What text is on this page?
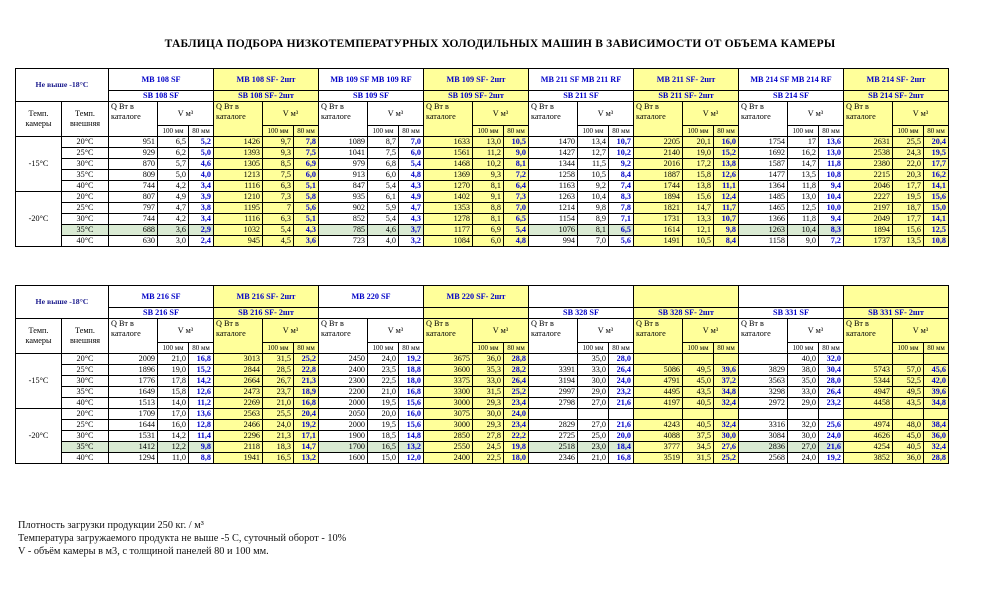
ТАБЛИЦА ПОДБОРА НИЗКОТЕМПЕРАТУРНЫХ ХОЛОДИЛЬНЫХ МАШИН В ЗАВИСИМОСТИ ОТ ОБЪЕМА КАМЕРЫ
Не выше -18°С		MB 108 SF			MB 108 SF- 2шт			MB 109 SF MB 109 RF			MB 109 SF- 2шт			MB 211 SF MB 211 RF			MB 211 SF- 2шт			MB 214 SF MB 214 RF			MB 214 SF- 2шт		
		SB 108 SF			SB 108 SF- 2шт			SB 109 SF			SB 109 SF- 2шт			SB 211 SF			SB 211 SF- 2шт			SB 214 SF			SB 214 SF- 2шт		
Темп. камеры	Темп. внешняя	Q Вт в каталоге	V м³		Q Вт в каталоге	V м³		Q Вт в каталоге	V м³		Q Вт в каталоге	V м³		Q Вт в каталоге	V м³		Q Вт в каталоге	V м³		Q Вт в каталоге	V м³		Q Вт в каталоге	V м³	
			100 мм	80 мм		100 мм	80 мм		100 мм	80 мм		100 мм	80 мм		100 мм	80 мм		100 мм	80 мм		100 мм	80 мм		100 мм	80 мм
-15°С	20°С	951	6,5	5,2	1426	9,7	7,8	1089	8,7	7,0	1633	13,0	10,5	1470	13,4	10,7	2205	20,1	16,0	1754	17	13,6	2631	25,5	20,4
	25°С	929	6,2	5,0	1393	9,3	7,5	1041	7,5	6,0	1561	11,2	9,0	1427	12,7	10,2	2140	19,0	15,2	1692	16,2	13,0	2538	24,3	19,5
	30°С	870	5,7	4,6	1305	8,5	6,9	979	6,8	5,4	1468	10,2	8,1	1344	11,5	9,2	2016	17,2	13,8	1587	14,7	11,8	2380	22,0	17,7
	35°С	809	5,0	4,0	1213	7,5	6,0	913	6,0	4,8	1369	9,3	7,2	1258	10,5	8,4	1887	15,8	12,6	1477	13,5	10,8	2215	20,3	16,2
	40°С	744	4,2	3,4	1116	6,3	5,1	847	5,4	4,3	1270	8,1	6,4	1163	9,2	7,4	1744	13,8	11,1	1364	11,8	9,4	2046	17,7	14,1
-20°С	20°С	807	4,9	3,9	1210	7,3	5,8	935	6,1	4,9	1402	9,1	7,3	1263	10,4	8,3	1894	15,6	12,4	1485	13,0	10,4	2227	19,5	15,6
	25°С	797	4,7	3,8	1195	7	5,6	902	5,9	4,7	1353	8,8	7,0	1214	9,8	7,8	1821	14,7	11,7	1465	12,5	10,0	2197	18,7	15,0
	30°С	744	4,2	3,4	1116	6,3	5,1	852	5,4	4,3	1278	8,1	6,5	1154	8,9	7,1	1731	13,3	10,7	1366	11,8	9,4	2049	17,7	14,1
	35°С	688	3,6	2,9	1032	5,4	4,3	785	4,6	3,7	1177	6,9	5,4	1076	8,1	6,5	1614	12,1	9,8	1263	10,4	8,3	1894	15,6	12,5
	40°С	630	3,0	2,4	945	4,5	3,6	723	4,0	3,2	1084	6,0	4,8	994	7,0	5,6	1491	10,5	8,4	1158	9,0	7,2	1737	13,5	10,8
Не выше -18°С		MB 216 SF			MB 216 SF- 2шт			MB 220 SF			MB 220 SF- 2шт														
		SB 216 SF			SB 216 SF- 2шт									SB 328 SF			SB 328 SF- 2шт			SB 331 SF			SB 331 SF- 2шт		
Темп. камеры	Темп. внешняя	Q Вт в каталоге	V м³		Q Вт в каталоге	V м³		Q Вт в каталоге	V м³		Q Вт в каталоге	V м³		Q Вт в каталоге	V м³		Q Вт в каталоге	V м³		Q Вт в каталоге	V м³		Q Вт в каталоге	V м³	
			100 мм	80 мм		100 мм	80 мм		100 мм	80 мм		100 мм	80 мм		100 мм	80 мм		100 мм	80 мм		100 мм	80 мм		100 мм	80 мм
-15°С	20°С	2009	21,0	16,8	3013	31,5	25,2	2450	24,0	19,2	3675	36,0	28,8		35,0	28,0					40,0	32,0			
	25°С	1896	19,0	15,2	2844	28,5	22,8	2400	23,5	18,8	3600	35,3	28,2	3391	33,0	26,4	5086	49,5	39,6	3829	38,0	30,4	5743	57,0	45,6
	30°С	1776	17,8	14,2	2664	26,7	21,3	2300	22,5	18,0	3375	33,0	26,4	3194	30,0	24,0	4791	45,0	37,2	3563	35,0	28,0	5344	52,5	42,0
	35°С	1649	15,8	12,6	2473	23,7	18,9	2200	21,0	16,8	3300	31,5	25,2	2997	29,0	23,2	4495	43,5	34,8	3298	33,0	26,4	4947	49,5	39,6
	40°С	1513	14,0	11,2	2269	21,0	16,8	2000	19,5	15,6	3000	29,3	23,4	2798	27,0	21,6	4197	40,5	32,4	2972	29,0	23,2	4458	43,5	34,8
-20°С	20°С	1709	17,0	13,6	2563	25,5	20,4	2050	20,0	16,0	3075	30,0	24,0												
	25°С	1644	16,0	12,8	2466	24,0	19,2	2000	19,5	15,6	3000	29,3	23,4	2829	27,0	21,6	4243	40,5	32,4	3316	32,0	25,6	4974	48,0	38,4
	30°С	1531	14,2	11,4	2296	21,3	17,1	1900	18,5	14,8	2850	27,8	22,2	2725	25,0	20,0	4088	37,5	30,0	3084	30,0	24,0	4626	45,0	36,0
	35°С	1412	12,2	9,8	2118	18,3	14,7	1700	16,5	13,2	2550	24,5	19,8	2518	23,0	18,4	3777	34,5	27,6	2836	27,0	21,6	4254	40,5	32,4
	40°С	1294	11,0	8,8	1941	16,5	13,2	1600	15,0	12,0	2400	22,5	18,0	2346	21,0	16,8	3519	31,5	25,2	2568	24,0	19,2	3852	36,0	28,8
Плотность загрузки продукции 250 кг. / м³
Температура загружаемого продукта не выше -5 С, суточный оборот - 10%
V - объём камеры в м3, с толщиной панелей 80 и 100 мм.
